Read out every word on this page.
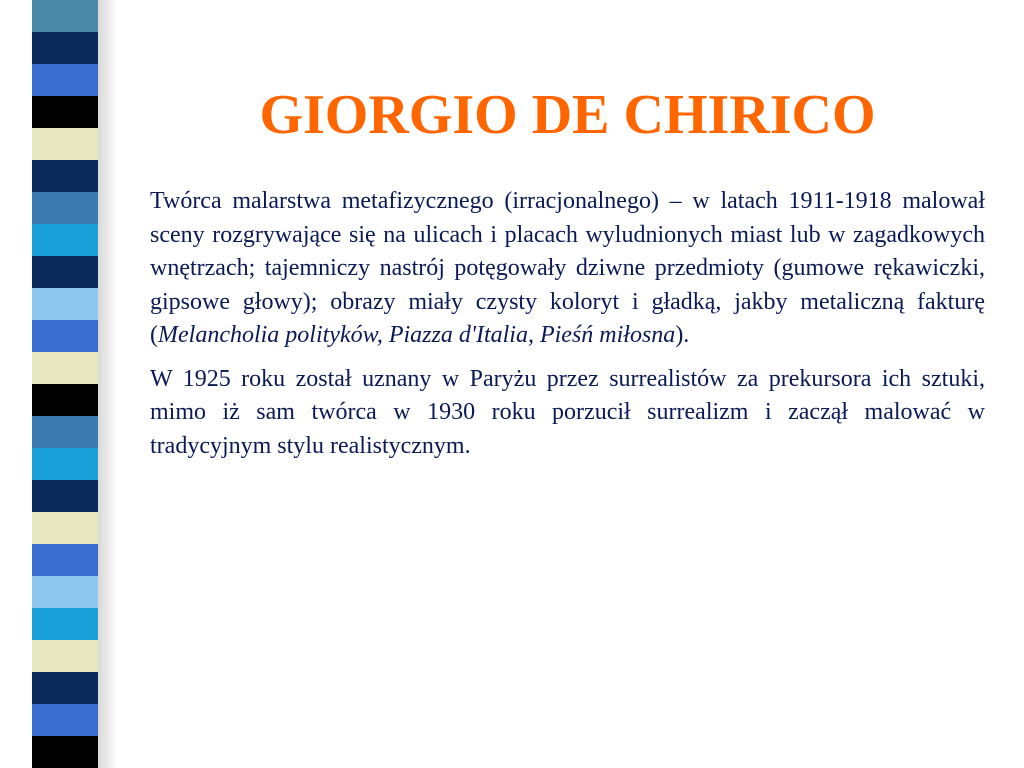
GIORGIO DE CHIRICO

Twórca malarstwa metafizycznego (irracjonalnego) – w latach 1911-1918 malował sceny rozgrywające się na ulicach i placach wyludnionych miast lub w zagadkowych wnętrzach; tajemniczy nastrój potęgowały dziwne przedmioty (gumowe rękawiczki, gipsowe głowy); obrazy miały czysty koloryt i gładką, jakby metaliczną fakturę (Melancholia polityków, Piazza d'Italia, Pieśń miłosna).

W 1925 roku został uznany w Paryżu przez surrealistów za prekursora ich sztuki, mimo iż sam twórca w 1930 roku porzucił surrealizm i zaczął malować w tradycyjnym stylu realistycznym.
